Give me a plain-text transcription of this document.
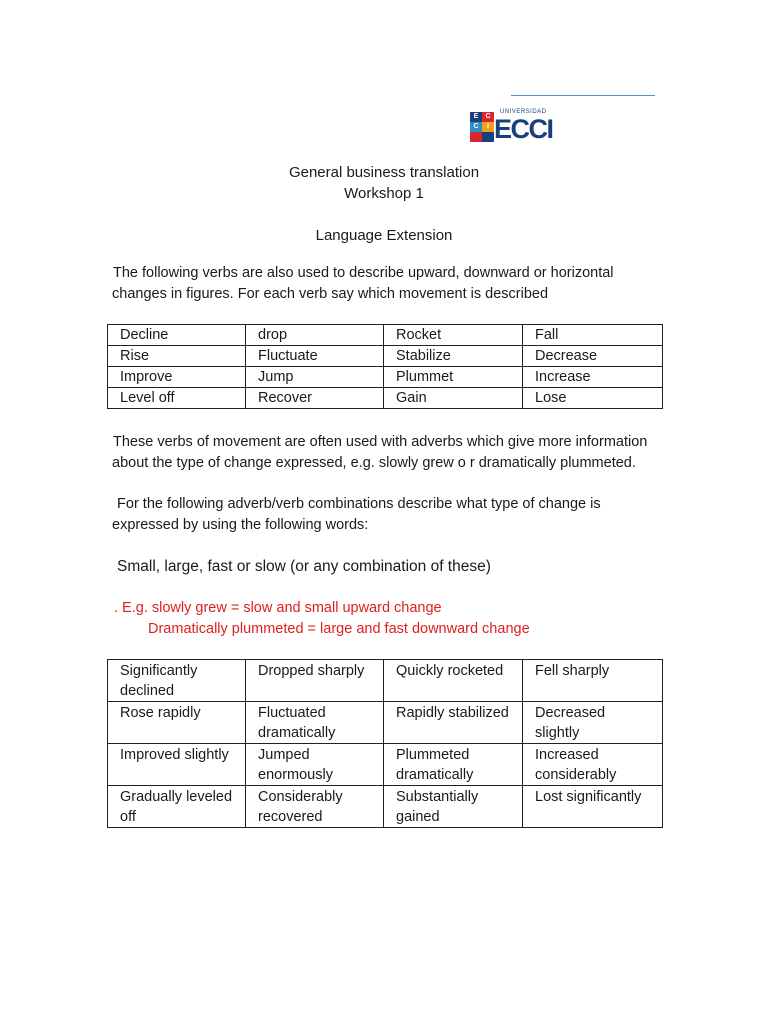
E	C
C	I
UNIVERSIDAD
ECCI
General business translation
Workshop 1
Language Extension
The following verbs are also used to describe upward, downward or horizontal
changes in figures. For each verb say which movement is described
Decline	drop	Rocket	Fall
Rise	Fluctuate	Stabilize	Decrease
Improve	Jump	Plummet	Increase
Level off	Recover	Gain	Lose
These verbs of movement are often used with adverbs which give more information
about the type of change expressed, e.g. slowly grew o r dramatically plummeted.
For the following adverb/verb combinations describe what type of change is
expressed by using the following words:
Small, large, fast or slow (or any combination of these)
. E.g. slowly grew = slow and small upward change
Dramatically plummeted = large and fast downward change
Significantly declined	Dropped sharply	Quickly rocketed	Fell sharply
Rose rapidly	Fluctuated dramatically	Rapidly stabilized	Decreased slightly
Improved slightly	Jumped enormously	Plummeted dramatically	Increased considerably
Gradually leveled off	Considerably recovered	Substantially gained	Lost significantly
